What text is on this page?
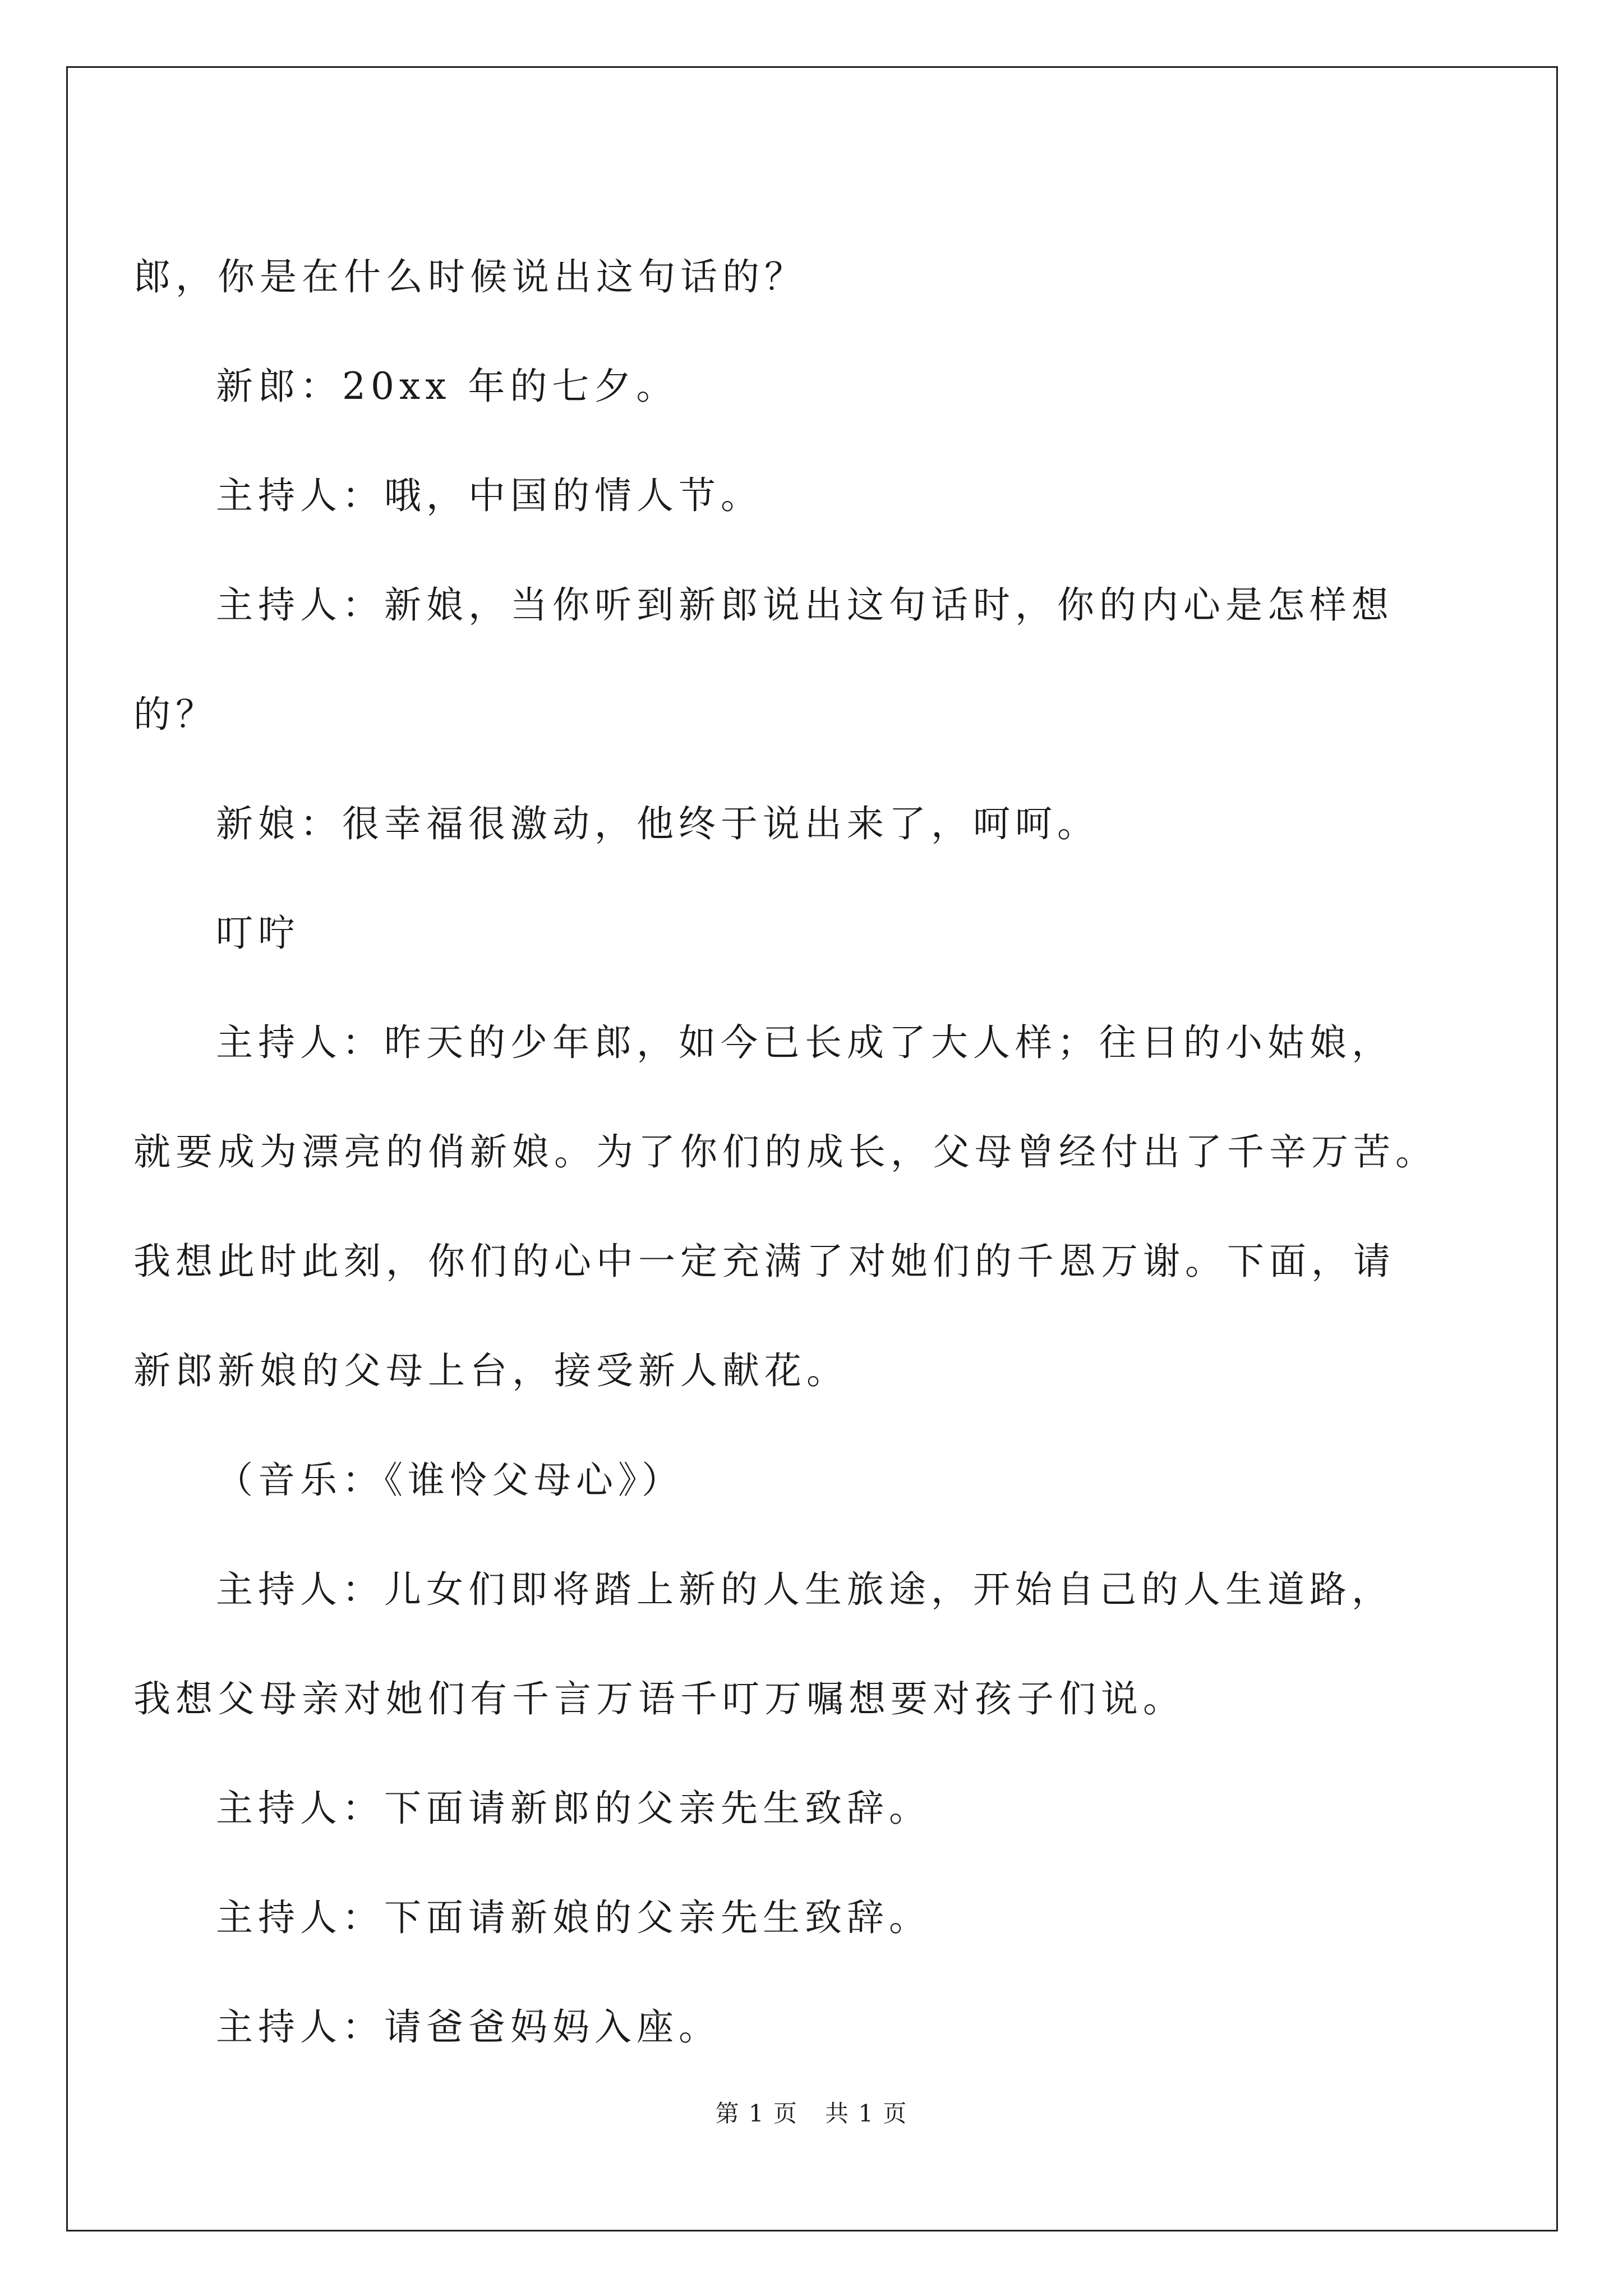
郎，你是在什么时候说出这句话的？

新郎：20xx 年的七夕。

主持人：哦，中国的情人节。

主持人：新娘，当你听到新郎说出这句话时，你的内心是怎样想

的？

新娘：很幸福很激动，他终于说出来了，呵呵。

叮咛

主持人：昨天的少年郎，如今已长成了大人样；往日的小姑娘，

就要成为漂亮的俏新娘。为了你们的成长，父母曾经付出了千辛万苦。

我想此时此刻，你们的心中一定充满了对她们的千恩万谢。下面，请

新郎新娘的父母上台，接受新人献花。

（音乐：《谁怜父母心》）

主持人：儿女们即将踏上新的人生旅途，开始自己的人生道路，

我想父母亲对她们有千言万语千叮万嘱想要对孩子们说。

主持人：下面请新郎的父亲先生致辞。

主持人：下面请新娘的父亲先生致辞。

主持人：请爸爸妈妈入座。

第 1 页 共 1 页
